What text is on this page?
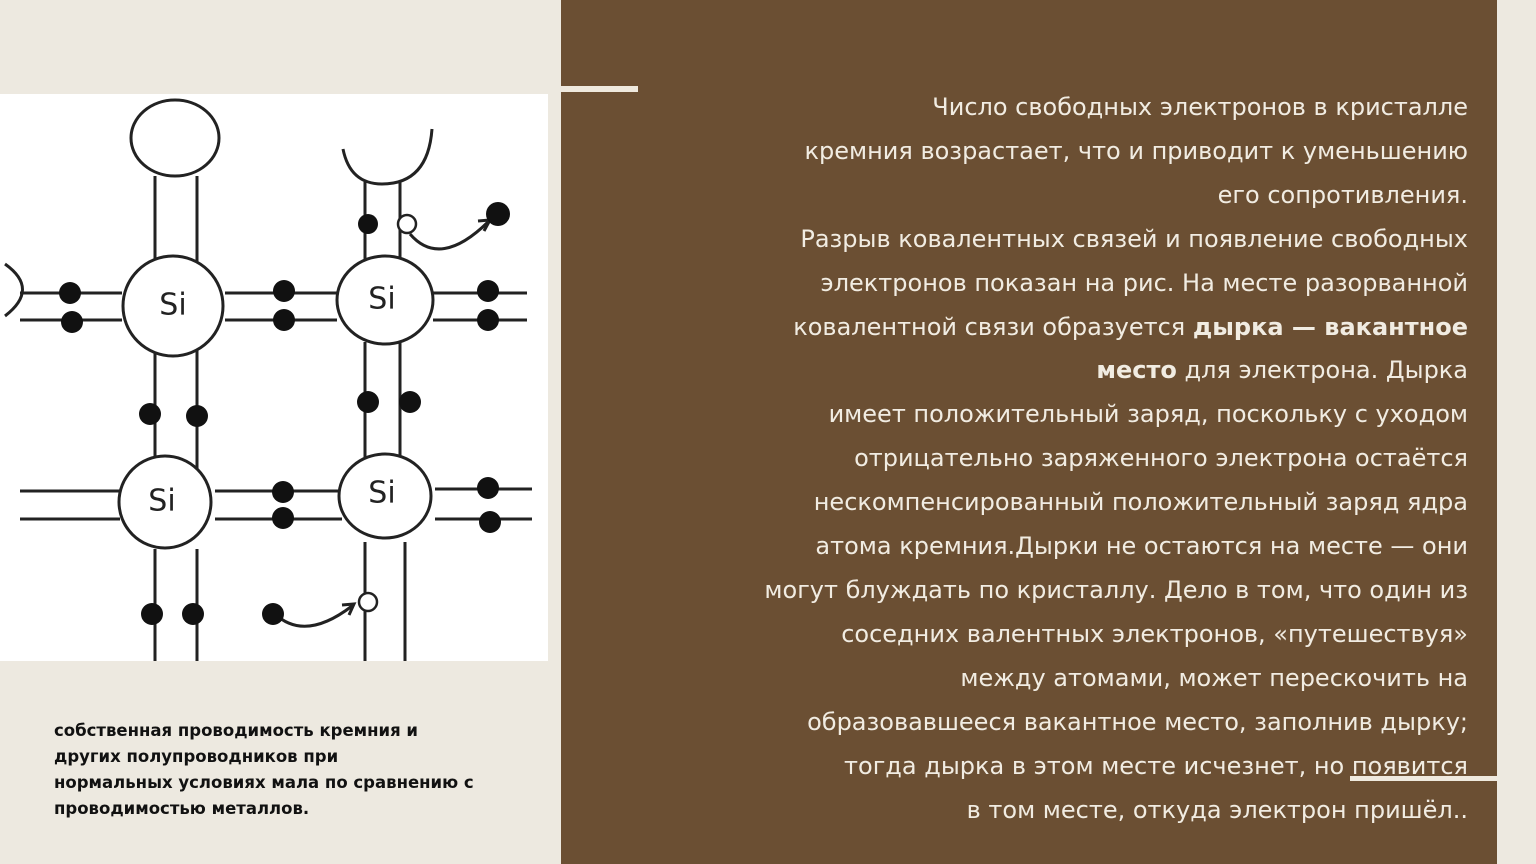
Si	Si
Si	Si
собственная проводимость кремния и
других полупроводников при
нормальных условиях мала по сравнению с
проводимостью металлов.
Число свободных электронов в кристалле
кремния возрастает, что и приводит к уменьшению
его сопротивления.
Разрыв ковалентных связей и появление свободных
электронов показан на рис. На месте разорванной
ковалентной связи образуется дырка — вакантное
место для электрона. Дырка
имеет положительный заряд, поскольку с уходом
отрицательно заряженного электрона остаётся
нескомпенсированный положительный заряд ядра
атома кремния.Дырки не остаются на месте — они
могут блуждать по кристаллу. Дело в том, что один из
соседних валентных электронов, «путешествуя»
между атомами, может перескочить на
образовавшееся вакантное место, заполнив дырку;
тогда дырка в этом месте исчезнет, но появится
в том месте, откуда электрон пришёл..
